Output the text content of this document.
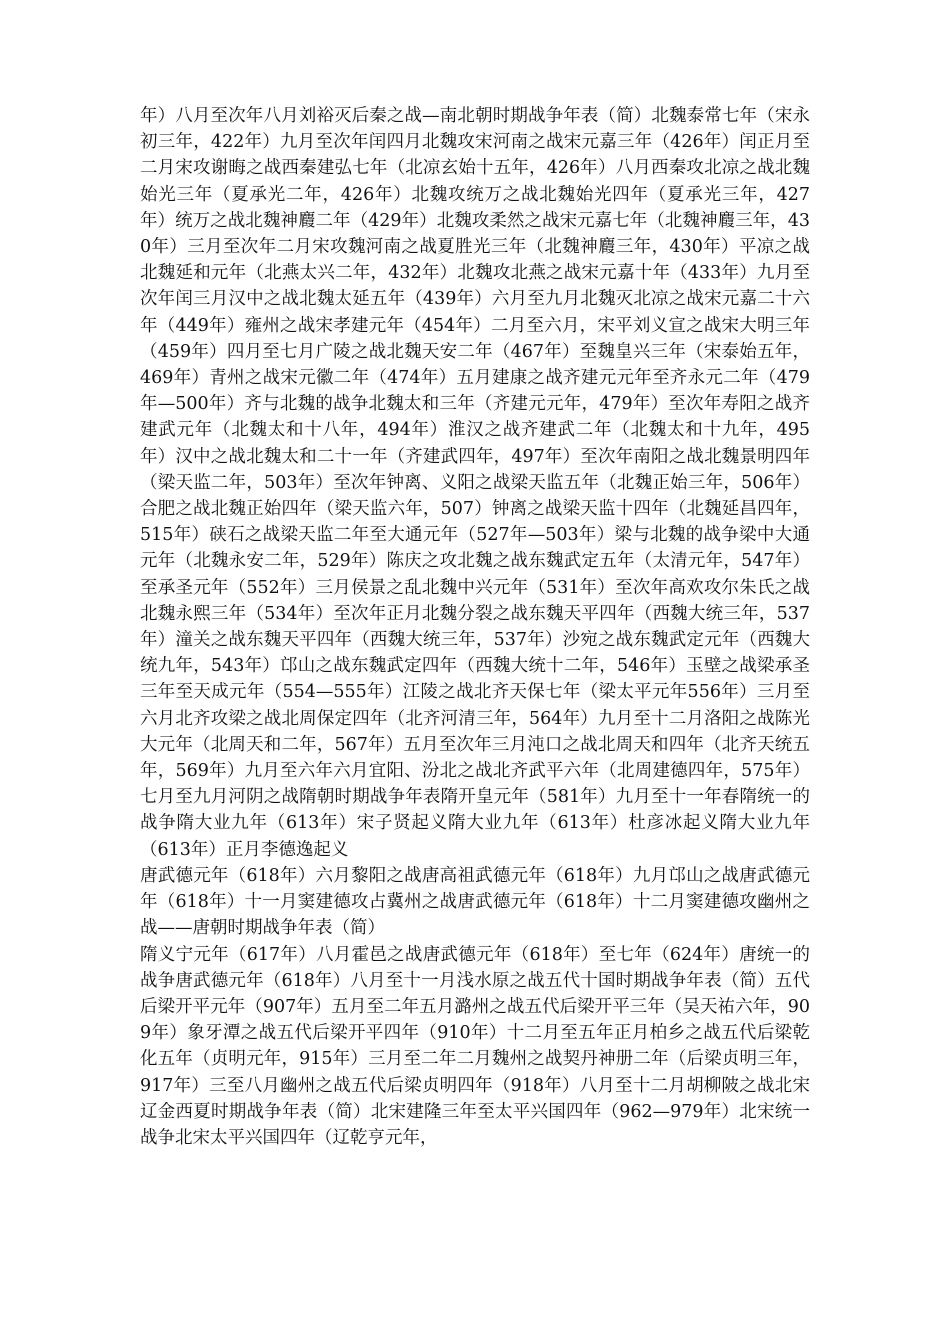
年）八月至次年八月刘裕灭后秦之战—南北朝时期战争年表（简）北魏泰常七年（宋永初三年，422年）九月至次年闰四月北魏攻宋河南之战宋元嘉三年（426年）闰正月至二月宋攻谢晦之战西秦建弘七年（北凉玄始十五年，426年）八月西秦攻北凉之战北魏始光三年（夏承光二年，426年）北魏攻统万之战北魏始光四年（夏承光三年，427年）统万之战北魏神麚二年（429年）北魏攻柔然之战宋元嘉七年（北魏神麚三年，430年）三月至次年二月宋攻魏河南之战夏胜光三年（北魏神麚三年，430年）平凉之战北魏延和元年（北燕太兴二年，432年）北魏攻北燕之战宋元嘉十年（433年）九月至次年闰三月汉中之战北魏太延五年（439年）六月至九月北魏灭北凉之战宋元嘉二十六年（449年）雍州之战宋孝建元年（454年）二月至六月，宋平刘义宣之战宋大明三年（459年）四月至七月广陵之战北魏天安二年（467年）至魏皇兴三年（宋泰始五年，469年）青州之战宋元徽二年（474年）五月建康之战齐建元元年至齐永元二年（479年—500年）齐与北魏的战争北魏太和三年（齐建元元年，479年）至次年寿阳之战齐建武元年（北魏太和十八年，494年）淮汉之战齐建武二年（北魏太和十九年，495年）汉中之战北魏太和二十一年（齐建武四年，497年）至次年南阳之战北魏景明四年（梁天监二年，503年）至次年钟离、义阳之战梁天监五年（北魏正始三年，506年）合肥之战北魏正始四年（梁天监六年，507）钟离之战梁天监十四年（北魏延昌四年，515年）硖石之战梁天监二年至大通元年（527年—503年）梁与北魏的战争梁中大通元年（北魏永安二年，529年）陈庆之攻北魏之战东魏武定五年（太清元年，547年）至承圣元年（552年）三月侯景之乱北魏中兴元年（531年）至次年高欢攻尔朱氏之战北魏永熙三年（534年）至次年正月北魏分裂之战东魏天平四年（西魏大统三年，537年）潼关之战东魏天平四年（西魏大统三年，537年）沙宛之战东魏武定元年（西魏大统九年，543年）邙山之战东魏武定四年（西魏大统十二年，546年）玉壁之战梁承圣三年至天成元年（554—555年）江陵之战北齐天保七年（梁太平元年556年）三月至六月北齐攻梁之战北周保定四年（北齐河清三年，564年）九月至十二月洛阳之战陈光大元年（北周天和二年，567年）五月至次年三月沌口之战北周天和四年（北齐天统五年，569年）九月至六年六月宜阳、汾北之战北齐武平六年（北周建德四年，575年）七月至九月河阴之战隋朝时期战争年表隋开皇元年（581年）九月至十一年春隋统一的战争隋大业九年（613年）宋子贤起义隋大业九年（613年）杜彦冰起义隋大业九年（613年）正月李德逸起义

唐武德元年（618年）六月黎阳之战唐高祖武德元年（618年）九月邙山之战唐武德元年（618年）十一月窦建德攻占冀州之战唐武德元年（618年）十二月窦建德攻幽州之战——唐朝时期战争年表（简）

隋义宁元年（617年）八月霍邑之战唐武德元年（618年）至七年（624年）唐统一的战争唐武德元年（618年）八月至十一月浅水原之战五代十国时期战争年表（简）五代后梁开平元年（907年）五月至二年五月潞州之战五代后梁开平三年（吴天祐六年，909年）象牙潭之战五代后梁开平四年（910年）十二月至五年正月柏乡之战五代后梁乾化五年（贞明元年，915年）三月至二年二月魏州之战契丹神册二年（后梁贞明三年，917年）三至八月幽州之战五代后梁贞明四年（918年）八月至十二月胡柳陂之战北宋辽金西夏时期战争年表（简）北宋建隆三年至太平兴国四年（962—979年）北宋统一战争北宋太平兴国四年（辽乾亨元年，
